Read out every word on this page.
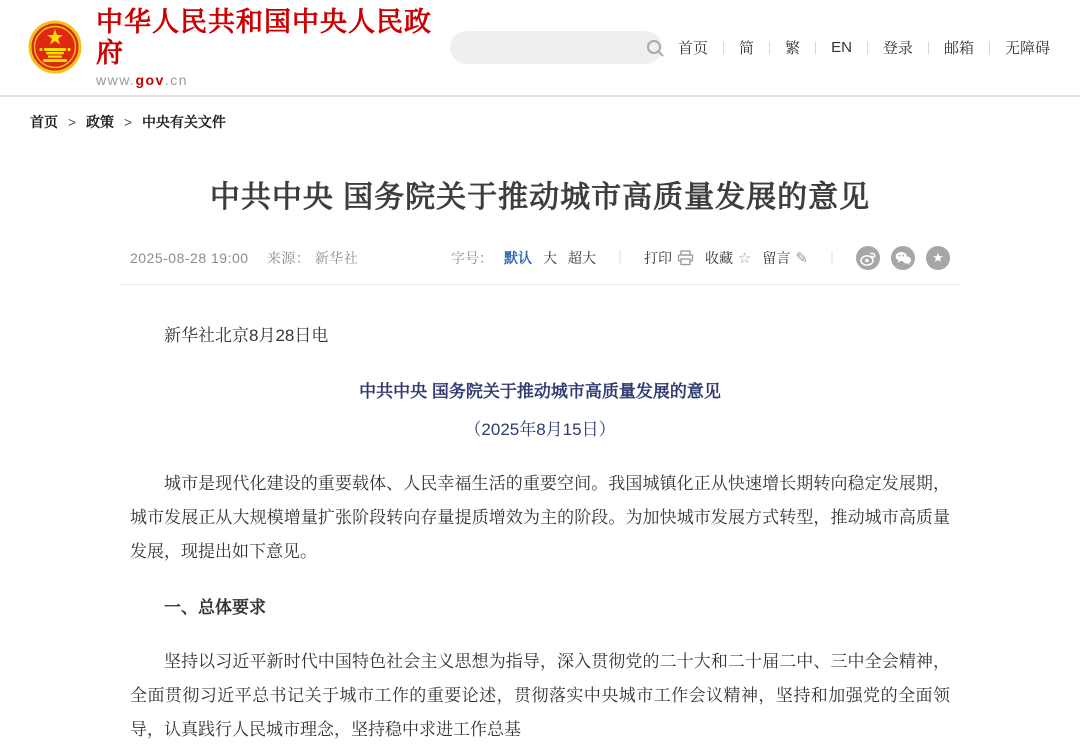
中华人民共和国中央人民政府
www.gov.cn
首页 ｜ 简 ｜ 繁 ｜ EN ｜ 登录 ｜ 邮箱 ｜ 无障碍
首页 > 政策 > 中央有关文件
中共中央 国务院关于推动城市高质量发展的意见
2025-08-28 19:00 来源： 新华社	字号： 默认 大 超大 ｜ 打印 收藏 ☆ 留言 ✎ ｜	★

新华社北京8月28日电

中共中央 国务院关于推动城市高质量发展的意见

（2025年8月15日）

城市是现代化建设的重要载体、人民幸福生活的重要空间。我国城镇化正从快速增长期转向稳定发展期，城市发展正从大规模增量扩张阶段转向存量提质增效为主的阶段。为加快城市发展方式转型，推动城市高质量发展，现提出如下意见。

一、总体要求

坚持以习近平新时代中国特色社会主义思想为指导，深入贯彻党的二十大和二十届二中、三中全会精神，全面贯彻习近平总书记关于城市工作的重要论述，贯彻落实中央城市工作会议精神，坚持和加强党的全面领导，认真践行人民城市理念，坚持稳中求进工作总基
